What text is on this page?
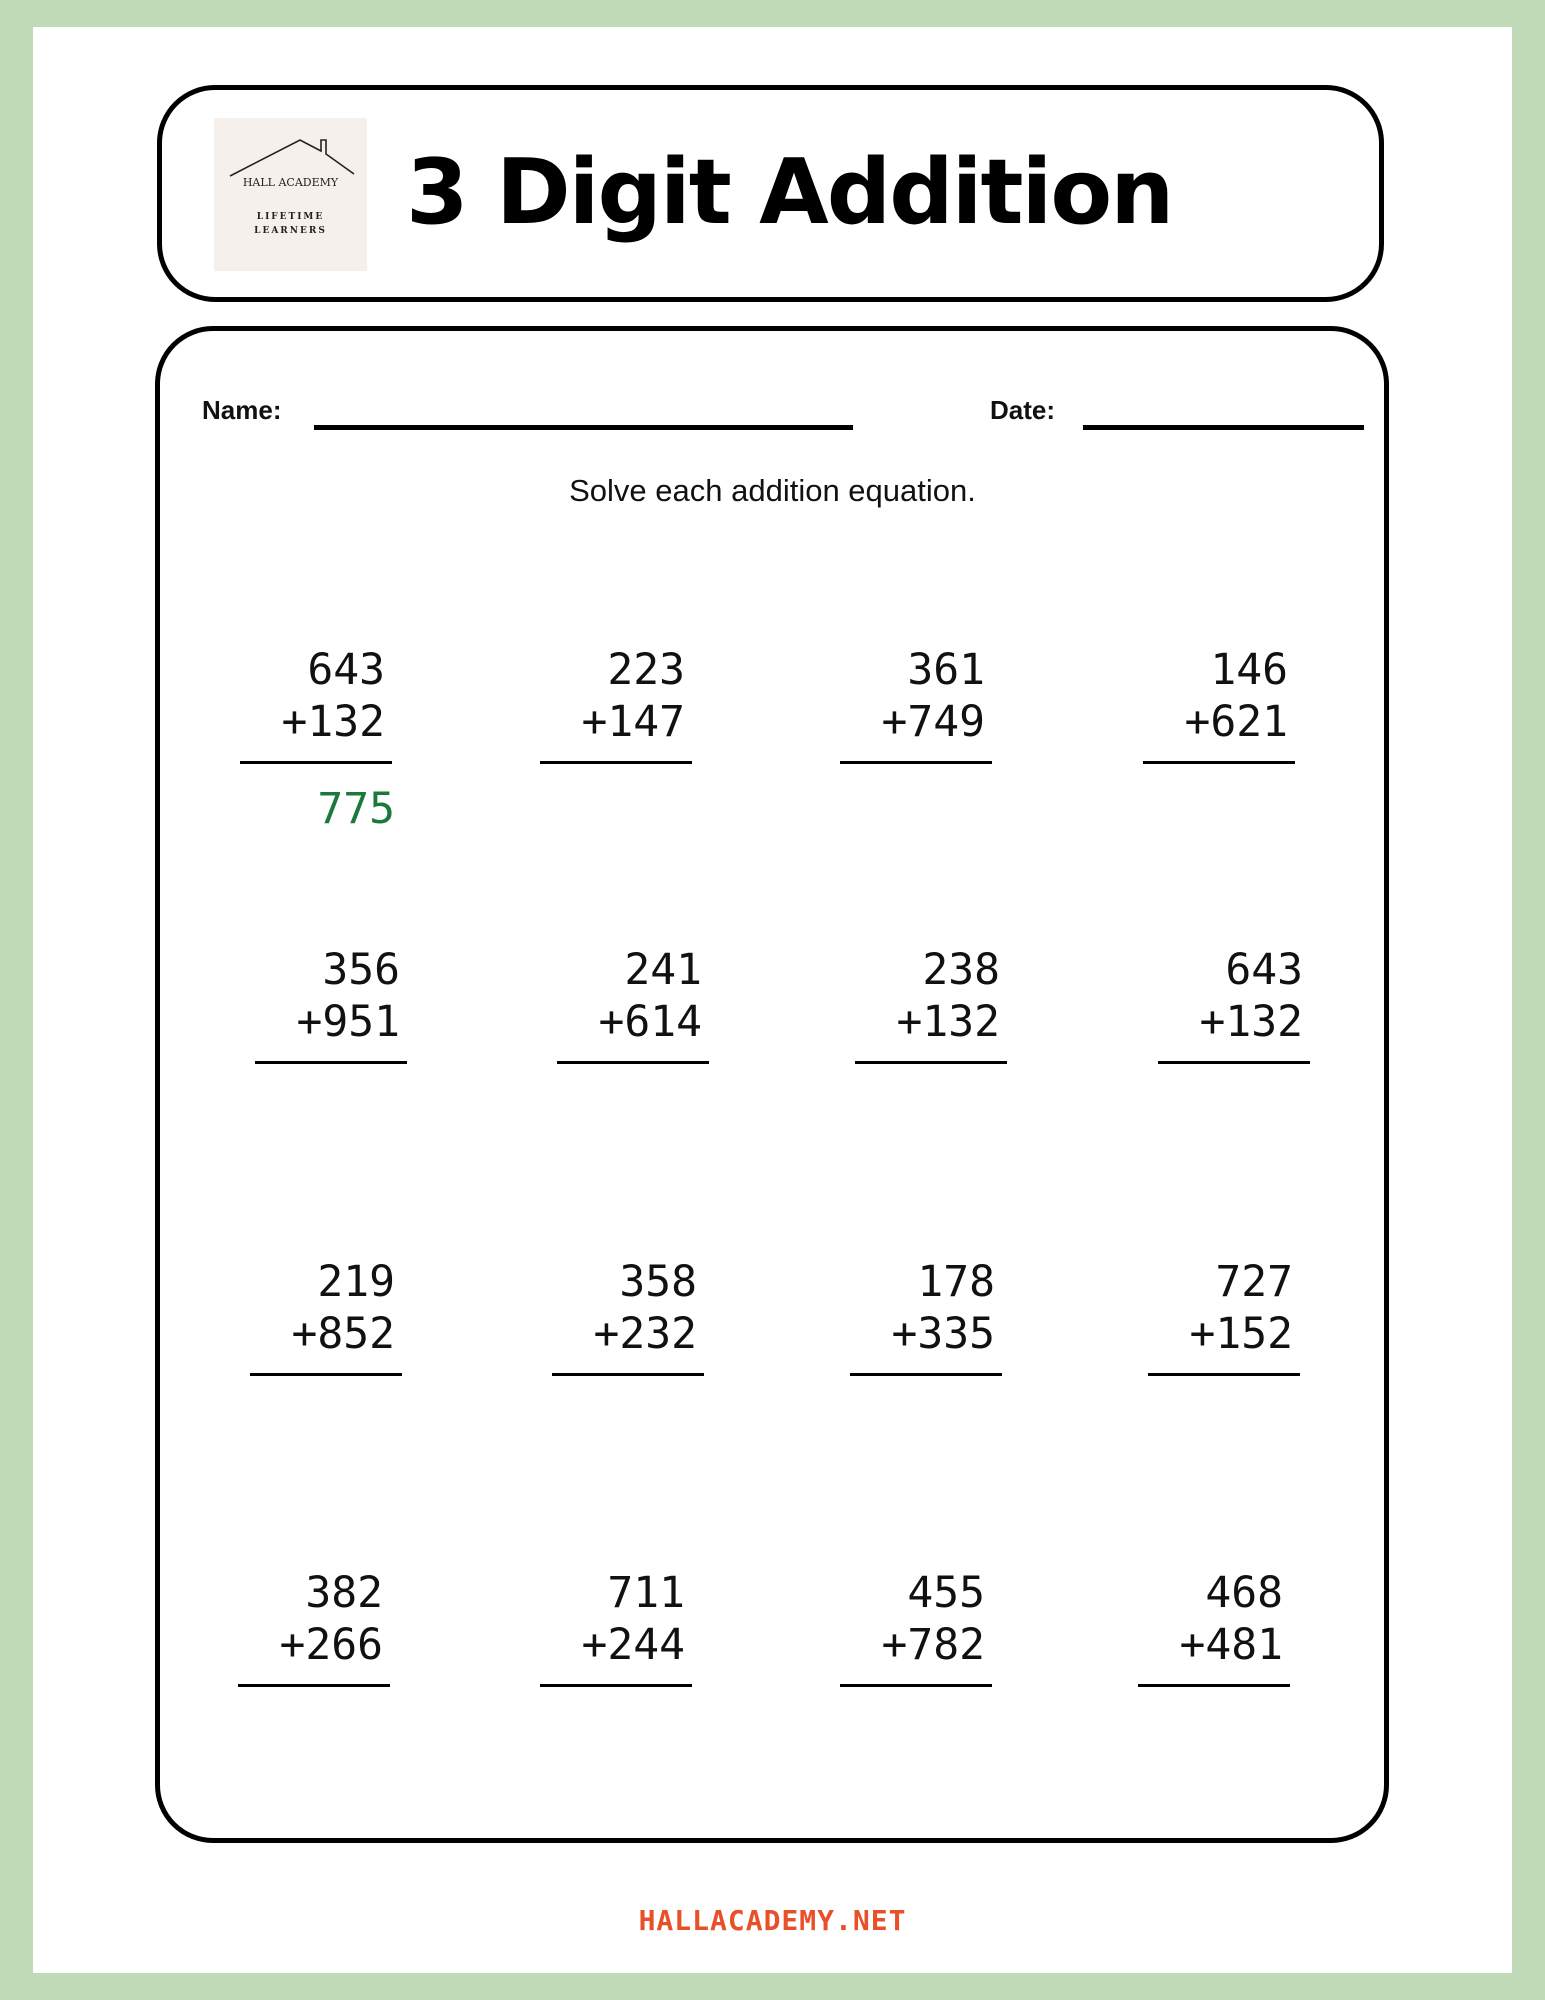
HALL ACADEMY
LIFETIME
LEARNERS 3 Digit Addition
Name:	Date:
Solve each addition equation.
643
+132
775
223
+147
361
+749
146
+621
356
+951
241
+614
238
+132
643
+132
219
+852
358
+232
178
+335
727
+152
382
+266
711
+244
455
+782
468
+481
HALLACADEMY.NET
